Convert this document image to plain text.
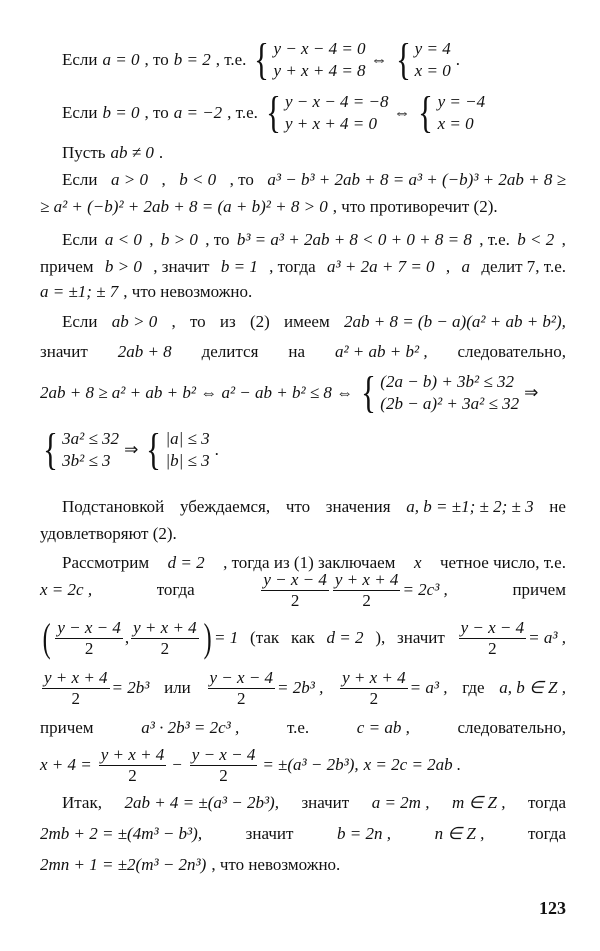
Если a = 0 , то b = 2 , т.е. { y − x − 4 = 0
y + x + 4 = 8
⇔ { y = 4
x = 0
.
Если b = 0 , то a = −2 , т.е. { y − x − 4 = −8
y + x + 4 = 0
⇔ { y = −4
x = 0
Пусть ab ≠ 0 .
Если a > 0 , b < 0 , то a³ − b³ + 2ab + 8 = a³ + (−b)³ + 2ab + 8 ≥
≥ a² + (−b)² + 2ab + 8 = (a + b)² + 8 > 0 , что противоречит (2).
Если a < 0 , b > 0 , то b³ = a³ + 2ab + 8 < 0 + 0 + 8 = 8 , т.е. b < 2 ,
причем b > 0 , значит b = 1 , тогда a³ + 2a + 7 = 0 , a делит 7, т.е.
a = ±1; ± 7 , что невозможно.
Если ab > 0 , то из (2) имеем 2ab + 8 = (b − a)(a² + ab + b²),
значит 2ab + 8 делится на a² + ab + b² , следовательно,
2ab + 8 ≥ a² + ab + b² ⇔ a² − ab + b² ≤ 8 ⇔ { (2a − b) + 3b² ≤ 32
(2b − a)² + 3a² ≤ 32
⇒
{ 3a² ≤ 32
3b² ≤ 3
⇒ { |a| ≤ 3
|b| ≤ 3
.
Подстановкой убеждаемся, что значения a, b = ±1; ± 2; ± 3 не
удовлетворяют (2).
Рассмотрим d = 2 , тогда из (1) заключаем x четное число, т.е.
x = 2c ,	тогда	$\frac{y - x - 4}{2} \frac{y + x + 4}{2} = 2c^3$ ,	причем
( $\frac{y - x - 4}{2}$ , $\frac{y + x + 4}{2}$ ) = 1 (так как d = 2 ), значит $\frac{y - x - 4}{2} = a^3$ ,
$\frac{y + x + 4}{2} = 2b^3$ или $\frac{y - x - 4}{2} = 2b^3$ , $\frac{y + x + 4}{2} = a^3$ , где a, b ∈ Z ,
причем	a³ · 2b³ = 2c³ ,	т.е.	c = ab ,	следовательно,
$x + 4 = \frac{y + x + 4}{2} - \frac{y - x - 4}{2} = \pm(a^3 - 2b^3)$, x = 2c = 2ab .
Итак, 2ab + 4 = ±(a³ − 2b³), значит a = 2m , m ∈ Z , тогда
2mb + 2 = ±(4m³ − b³),	значит	b = 2n ,	n ∈ Z ,	тогда
2mn + 1 = ±2(m³ − 2n³) , что невозможно.
123
